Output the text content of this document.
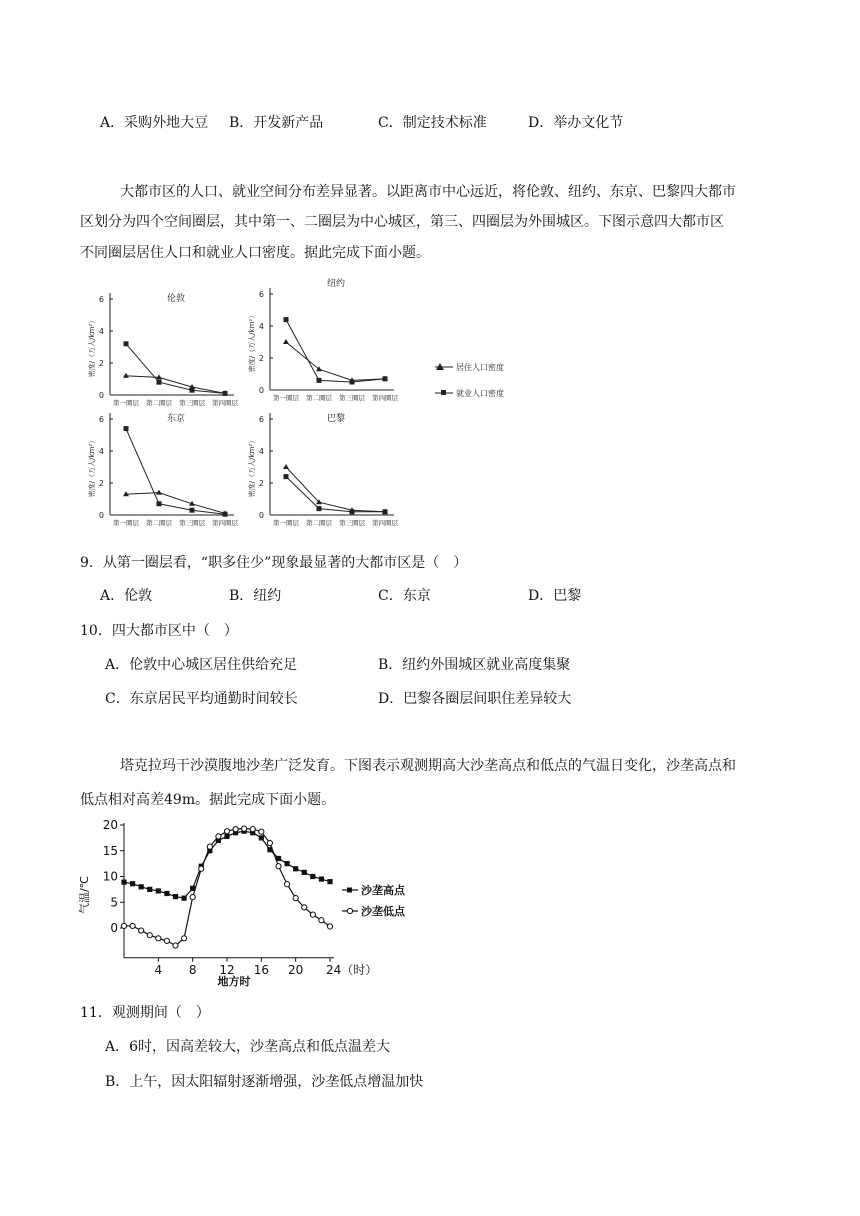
A．采购外地大豆 B．开发新产品	C．制定技术标准	D．举办文化节
大都市区的人口、就业空间分布差异显著。以距离市中心远近，将伦敦、纽约、东京、巴黎四大都市
区划分为四个空间圈层，其中第一、二圈层为中心城区，第三、四圈层为外围城区。下图示意四大都市区
不同圈层居住人口和就业人口密度。据此完成下面小题。
0
2
4
6
密度/（万人/km²）
第一圈层 第二圈层 第三圈层 第四圈层
伦敦
0
2
4
6
密度/（万人/km²）
第一圈层 第二圈层 第三圈层 第四圈层
纽约
0
2
4
6
密度/（万人/km²）
第一圈层 第二圈层 第三圈层 第四圈层
东京
0
2
4
6
密度/（万人/km²）
第一圈层 第二圈层 第三圈层 第四圈层
巴黎
居住人口密度
就业人口密度
9．从第一圈层看，“职多住少”现象最显著的大都市区是（　）
A．伦敦	B．纽约	C．东京	D．巴黎
10．四大都市区中（　）
A．伦敦中心城区居住供给充足	B．纽约外围城区就业高度集聚
C．东京居民平均通勤时间较长	D．巴黎各圈层间职住差异较大
塔克拉玛干沙漠腹地沙垄广泛发育。下图表示观测期高大沙垄高点和低点的气温日变化，沙垄高点和
低点相对高差49m。据此完成下面小题。
0
5
10
15
20
4 8 12 16 20 24（时）
气温/℃
地方时
沙垄高点
沙垄低点
11．观测期间（　）
A．6时，因高差较大，沙垄高点和低点温差大
B．上午，因太阳辐射逐渐增强，沙垄低点增温加快
